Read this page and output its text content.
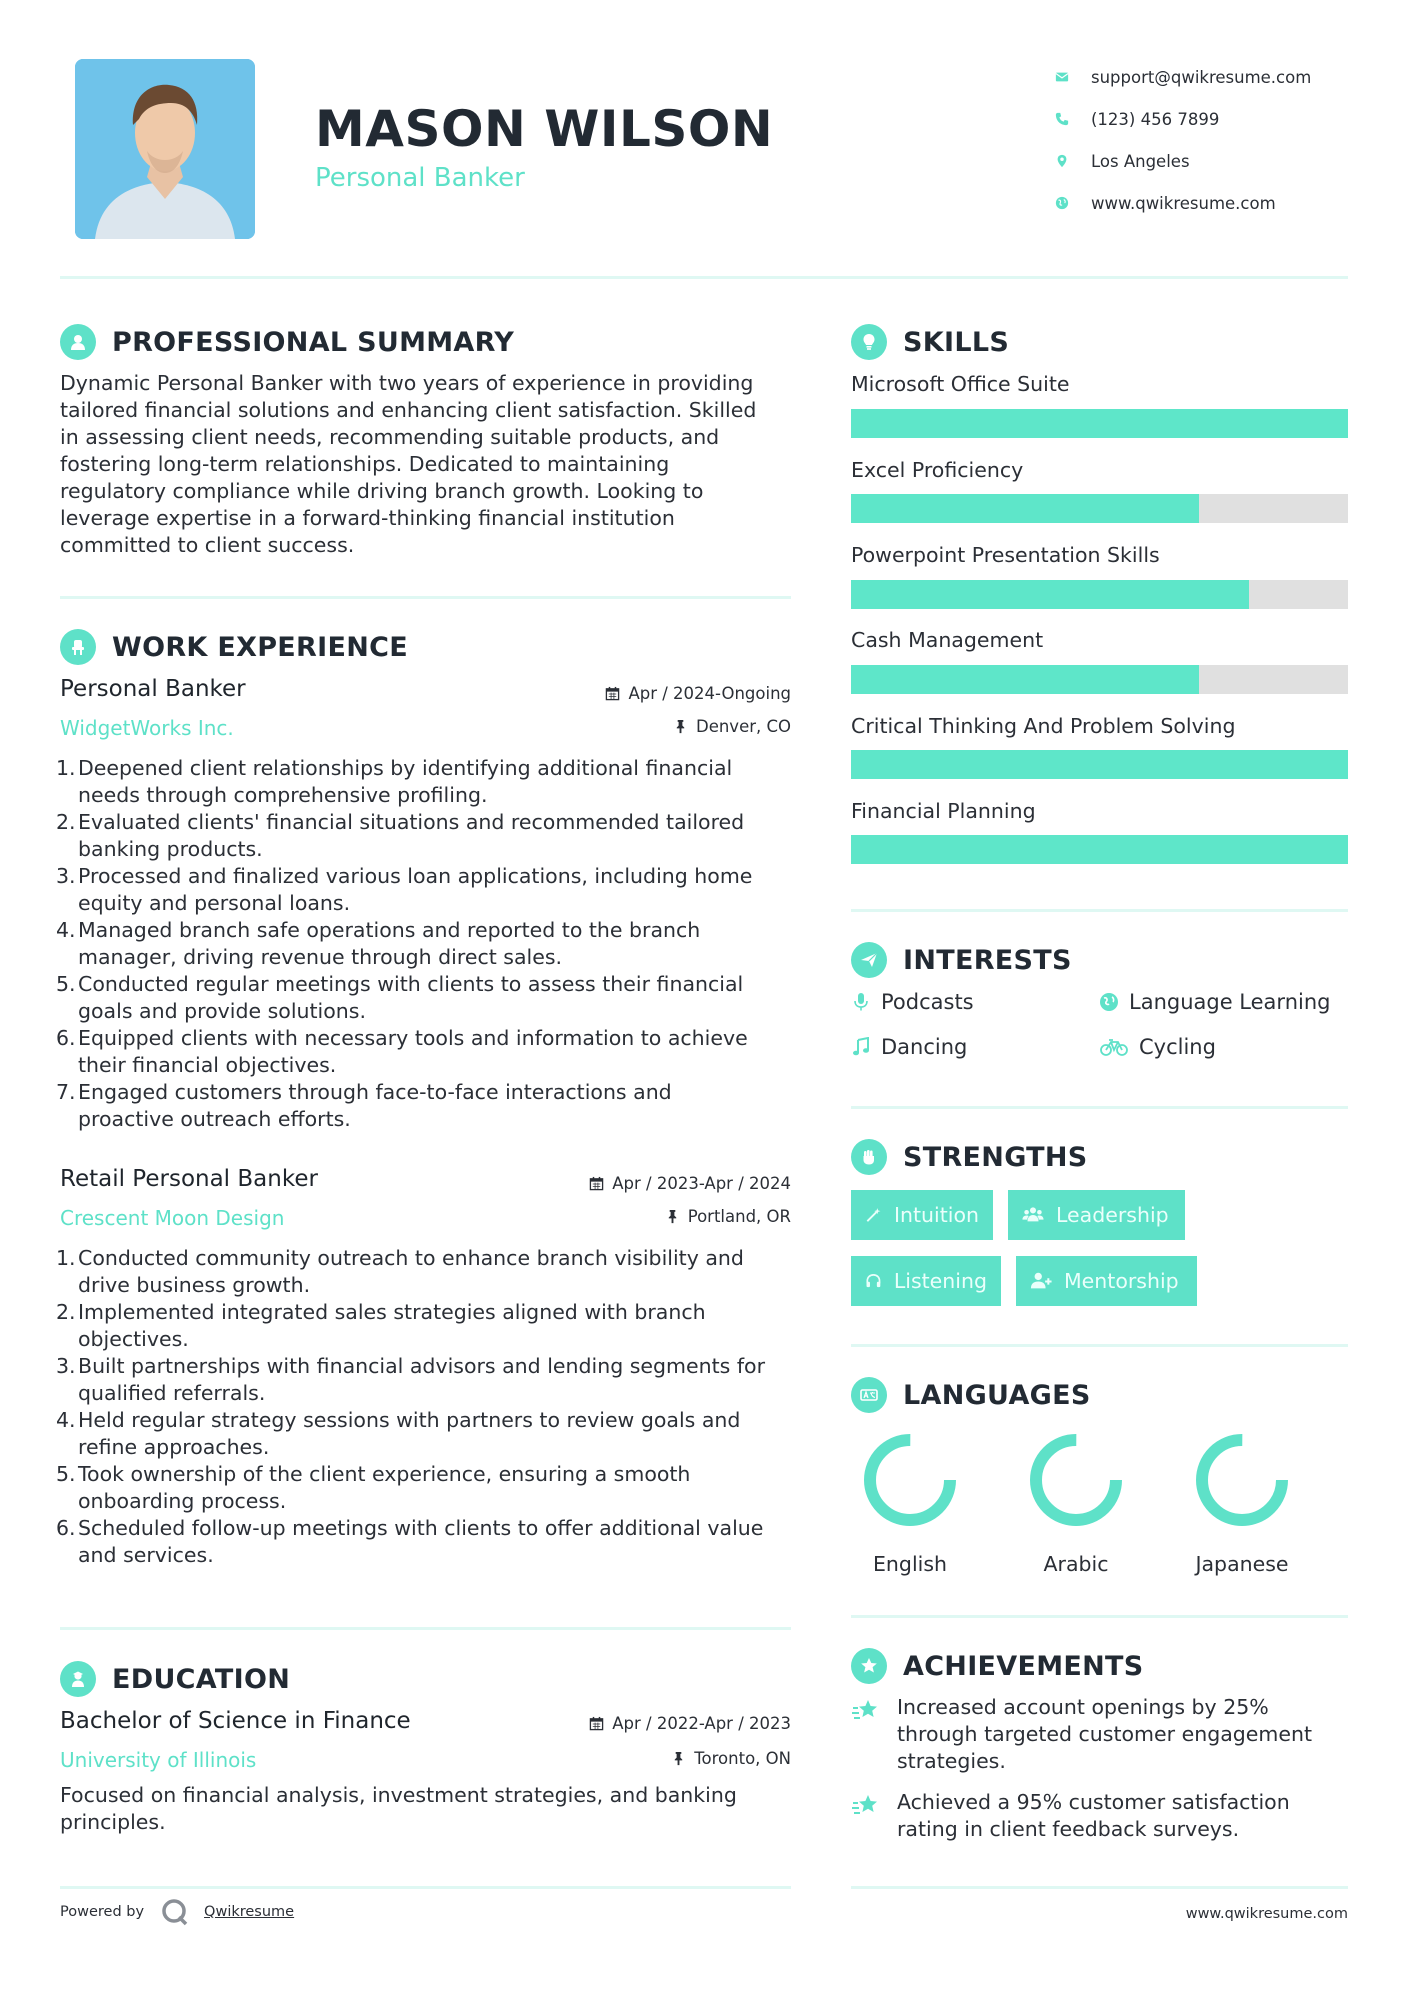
MASON WILSON
Personal Banker
support@qwikresume.com
(123) 456 7899
Los Angeles
www.qwikresume.com
PROFESSIONAL SUMMARY
Dynamic Personal Banker with two years of experience in providing
tailored financial solutions and enhancing client satisfaction. Skilled
in assessing client needs, recommending suitable products, and
fostering long-term relationships. Dedicated to maintaining
regulatory compliance while driving branch growth. Looking to
leverage expertise in a forward-thinking financial institution
committed to client success.
WORK EXPERIENCE
Personal Banker
WidgetWorks Inc.
Apr / 2024-Ongoing
Denver, CO
1. Deepened client relationships by identifying additional financial
needs through comprehensive profiling.
2. Evaluated clients' financial situations and recommended tailored
banking products.
3. Processed and finalized various loan applications, including home
equity and personal loans.
4. Managed branch safe operations and reported to the branch
manager, driving revenue through direct sales.
5. Conducted regular meetings with clients to assess their financial
goals and provide solutions.
6. Equipped clients with necessary tools and information to achieve
their financial objectives.
7. Engaged customers through face-to-face interactions and
proactive outreach efforts.
Retail Personal Banker
Crescent Moon Design
Apr / 2023-Apr / 2024
Portland, OR
1. Conducted community outreach to enhance branch visibility and
drive business growth.
2. Implemented integrated sales strategies aligned with branch
objectives.
3. Built partnerships with financial advisors and lending segments for
qualified referrals.
4. Held regular strategy sessions with partners to review goals and
refine approaches.
5. Took ownership of the client experience, ensuring a smooth
onboarding process.
6. Scheduled follow-up meetings with clients to offer additional value
and services.
EDUCATION
Bachelor of Science in Finance
University of Illinois
Apr / 2022-Apr / 2023
Toronto, ON
Focused on financial analysis, investment strategies, and banking
principles.
SKILLS
Microsoft Office Suite
Excel Proficiency
Powerpoint Presentation Skills
Cash Management
Critical Thinking And Problem Solving
Financial Planning
INTERESTS
Podcasts	Language Learning
Dancing	Cycling
STRENGTHS
Intuition	Leadership
Listening	Mentorship
LANGUAGES
English	Arabic	Japanese
ACHIEVEMENTS
Increased account openings by 25%
through targeted customer engagement
strategies.
Achieved a 95% customer satisfaction
rating in client feedback surveys.
Powered by	Qwikresume	www.qwikresume.com
